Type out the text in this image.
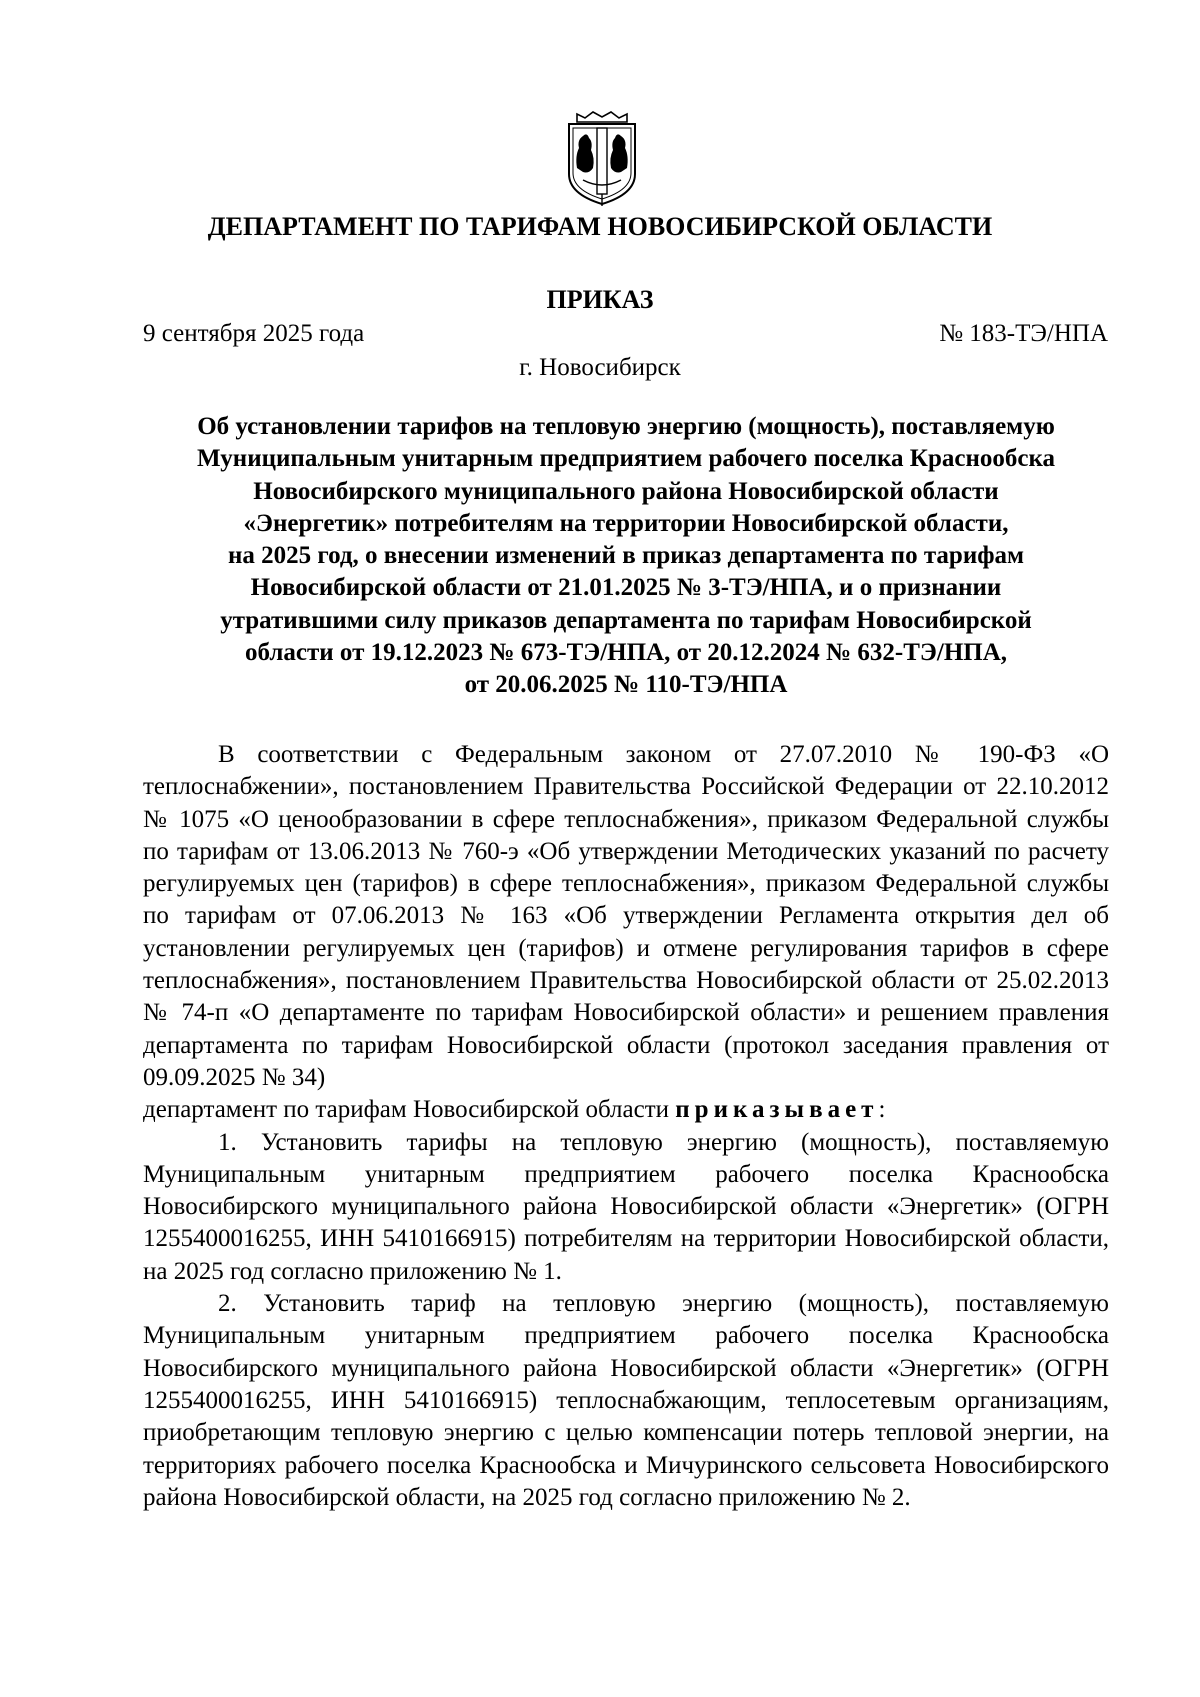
ДЕПАРТАМЕНТ ПО ТАРИФАМ НОВОСИБИРСКОЙ ОБЛАСТИ
ПРИКАЗ
9 сентября 2025 года	№ 183-ТЭ/НПА
г. Новосибирск
Об установлении тарифов на тепловую энергию (мощность), поставляемую
Муниципальным унитарным предприятием рабочего поселка Краснообска
Новосибирского муниципального района Новосибирской области
«Энергетик» потребителям на территории Новосибирской области,
на 2025 год, о внесении изменений в приказ департамента по тарифам
Новосибирской области от 21.01.2025 № 3-ТЭ/НПА, и о признании
утратившими силу приказов департамента по тарифам Новосибирской
области от 19.12.2023 № 673-ТЭ/НПА, от 20.12.2024 № 632-ТЭ/НПА,
от 20.06.2025 № 110-ТЭ/НПА

В соответствии с Федеральным законом от 27.07.2010 № 190-ФЗ «О теплоснабжении», постановлением Правительства Российской Федерации от 22.10.2012 № 1075 «О ценообразовании в сфере теплоснабжения», приказом Федеральной службы по тарифам от 13.06.2013 № 760-э «Об утверждении Методических указаний по расчету регулируемых цен (тарифов) в сфере теплоснабжения», приказом Федеральной службы по тарифам от 07.06.2013 № 163 «Об утверждении Регламента открытия дел об установлении регулируемых цен (тарифов) и отмене регулирования тарифов в сфере теплоснабжения», постановлением Правительства Новосибирской области от 25.02.2013 № 74-п «О департаменте по тарифам Новосибирской области» и решением правления департамента по тарифам Новосибирской области (протокол заседания правления от 09.09.2025 № 34)

департамент по тарифам Новосибирской области приказывает:

1. Установить тарифы на тепловую энергию (мощность), поставляемую Муниципальным унитарным предприятием рабочего поселка Краснообска Новосибирского муниципального района Новосибирской области «Энергетик» (ОГРН 1255400016255, ИНН 5410166915) потребителям на территории Новосибирской области, на 2025 год согласно приложению № 1.

2. Установить тариф на тепловую энергию (мощность), поставляемую Муниципальным унитарным предприятием рабочего поселка Краснообска Новосибирского муниципального района Новосибирской области «Энергетик» (ОГРН 1255400016255, ИНН 5410166915) теплоснабжающим, теплосетевым организациям, приобретающим тепловую энергию с целью компенсации потерь тепловой энергии, на территориях рабочего поселка Краснообска и Мичуринского сельсовета Новосибирского района Новосибирской области, на 2025 год согласно приложению № 2.
